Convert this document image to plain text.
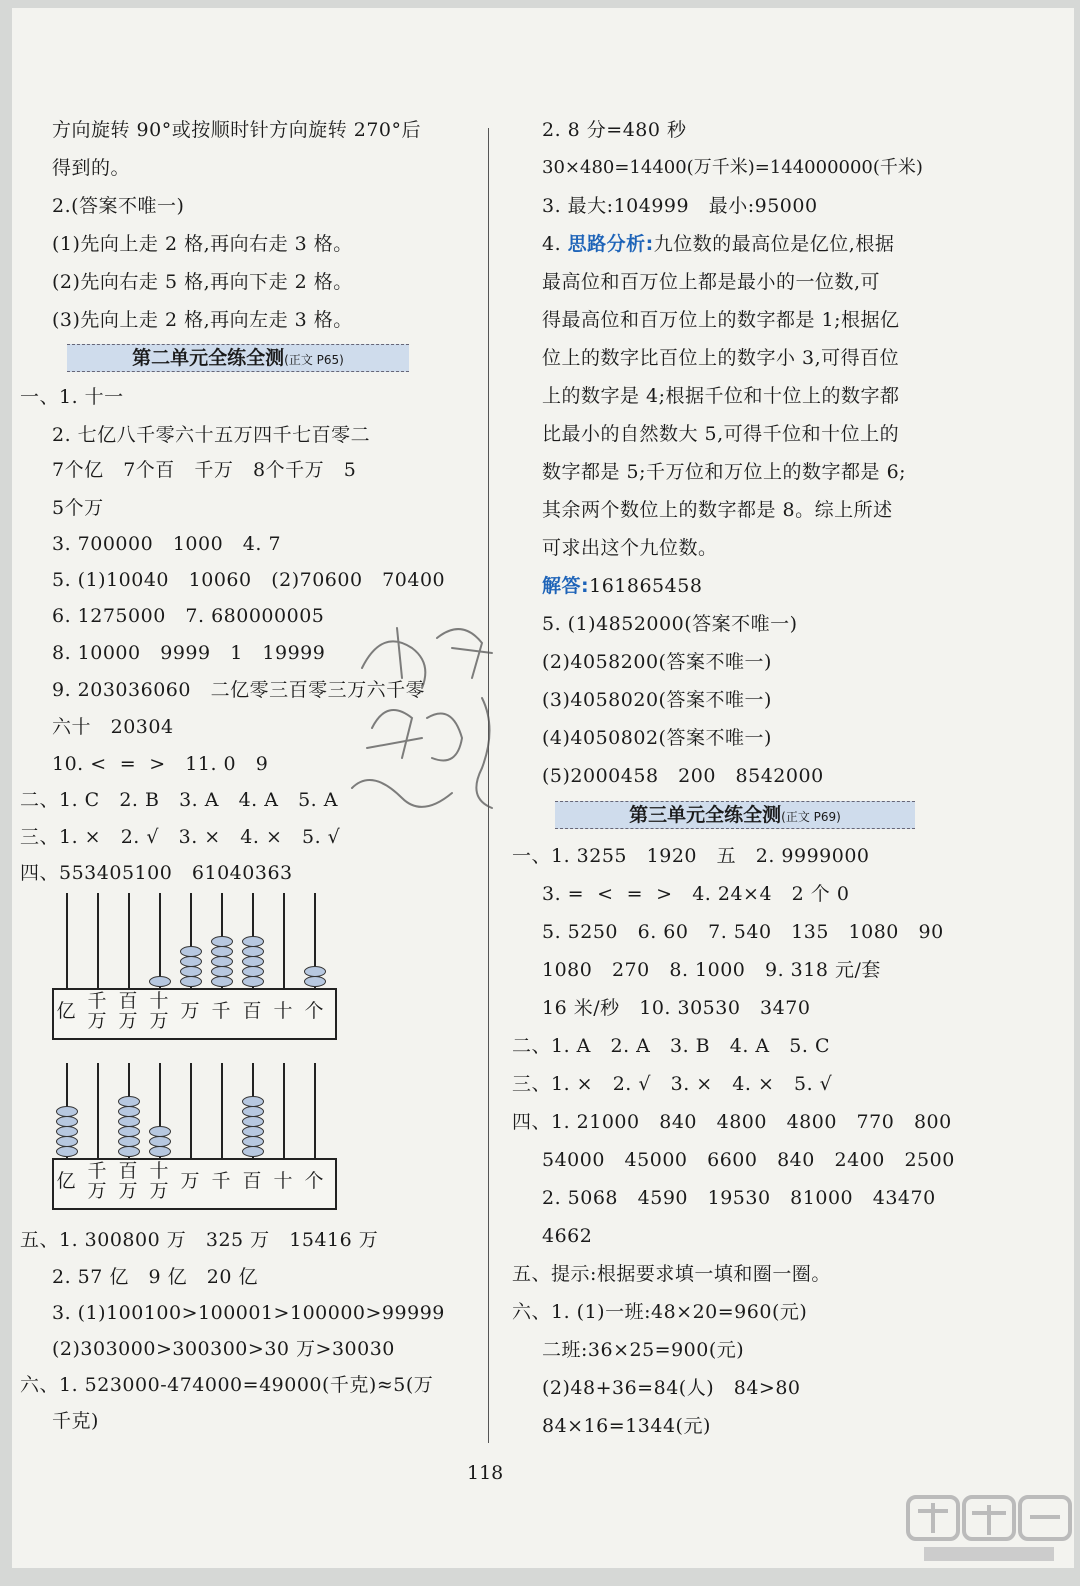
方向旋转 90°或按顺时针方向旋转 270°后
得到的。
2.(答案不唯一)
(1)先向上走 2 格,再向右走 3 格。
(2)先向右走 5 格,再向下走 2 格。
(3)先向上走 2 格,再向左走 3 格。
第二单元全练全测(正文 P65)
一、1. 十一
2. 七亿八千零六十五万四千七百零二
7个亿   7个百   千万   8个千万   5
5个万
3. 700000   1000   4. 7
5. (1)10040   10060   (2)70600   70400
6. 1275000   7. 680000005
8. 10000   9999   1   19999
9. 203036060   二亿零三百零三万六千零
六十   20304
10. <  =  >   11. 0   9
二、1. C   2. B   3. A   4. A   5. A
三、1. ×   2. √   3. ×   4. ×   5. √
四、553405100   61040363
亿 千
万
百
万
十
万 万 千 百 十 个
亿 千
万
百
万
十
万 万 千 百 十 个
五、1. 300800 万   325 万   15416 万
2. 57 亿   9 亿   20 亿
3. (1)100100>100001>100000>99999
(2)303000>300300>30 万>30030
六、1. 523000-474000=49000(千克)≈5(万
千克)
2. 8 分=480 秒
30×480=14400(万千米)=144000000(千米)
3. 最大:104999   最小:95000
4. 思路分析:九位数的最高位是亿位,根据
最高位和百万位上都是最小的一位数,可
得最高位和百万位上的数字都是 1;根据亿
位上的数字比百位上的数字小 3,可得百位
上的数字是 4;根据千位和十位上的数字都
比最小的自然数大 5,可得千位和十位上的
数字都是 5;千万位和万位上的数字都是 6;
其余两个数位上的数字都是 8。综上所述
可求出这个九位数。
解答:161865458
5. (1)4852000(答案不唯一)
(2)4058200(答案不唯一)
(3)4058020(答案不唯一)
(4)4050802(答案不唯一)
(5)2000458   200   8542000
第三单元全练全测(正文 P69)
一、1. 3255   1920   五   2. 9999000
3. =  <  =  >   4. 24×4   2 个 0
5. 5250   6. 60   7. 540   135   1080   90
1080   270   8. 1000   9. 318 元/套
16 米/秒   10. 30530   3470
二、1. A   2. A   3. B   4. A   5. C
三、1. ×   2. √   3. ×   4. ×   5. √
四、1. 21000   840   4800   4800   770   800
54000   45000   6600   840   2400   2500
2. 5068   4590   19530   81000   43470
4662
五、提示:根据要求填一填和圈一圈。
六、1. (1)一班:48×20=960(元)
二班:36×25=900(元)
(2)48+36=84(人)   84>80
84×16=1344(元)
118
